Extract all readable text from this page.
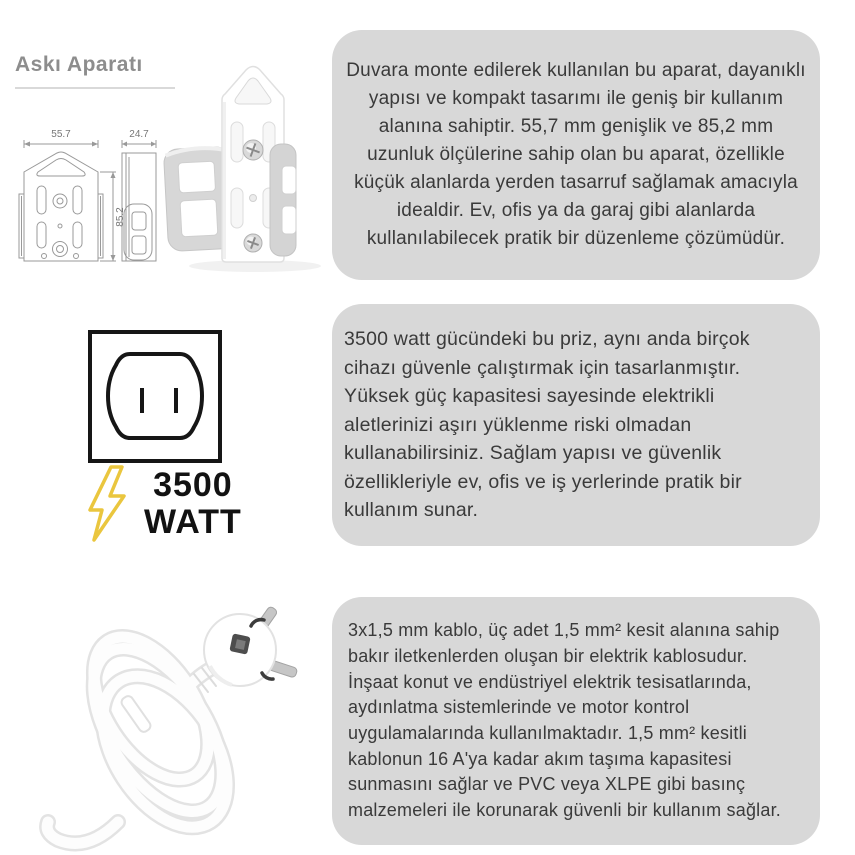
Askı Aparatı
55.7	24.7
85.2

Duvara monte edilerek kullanılan bu aparat, dayanıklı yapısı ve kompakt tasarımı ile geniş bir kullanım alanına sahiptir. 55,7 mm genişlik ve 85,2 mm uzunluk ölçülerine sahip olan bu aparat, özellikle küçük alanlarda yerden tasarruf sağlamak amacıyla idealdir. Ev, ofis ya da garaj gibi alanlarda kullanılabilecek pratik bir düzenleme çözümüdür.

3500
WATT

3500 watt gücündeki bu priz, aynı anda birçok cihazı güvenle çalıştırmak için tasarlanmıştır. Yüksek güç kapasitesi sayesinde elektrikli aletlerinizi aşırı yüklenme riski olmadan kullanabilirsiniz. Sağlam yapısı ve güvenlik özellikleriyle ev, ofis ve iş yerlerinde pratik bir kullanım sunar.

3x1,5 mm kablo, üç adet 1,5 mm² kesit alanına sahip bakır iletkenlerden oluşan bir elektrik kablosudur. İnşaat konut ve endüstriyel elektrik tesisatlarında, aydınlatma sistemlerinde ve motor kontrol uygulamalarında kullanılmaktadır. 1,5 mm² kesitli kablonun 16 A'ya kadar akım taşıma kapasitesi sunmasını sağlar ve PVC veya XLPE gibi basınç malzemeleri ile korunarak güvenli bir kullanım sağlar.
